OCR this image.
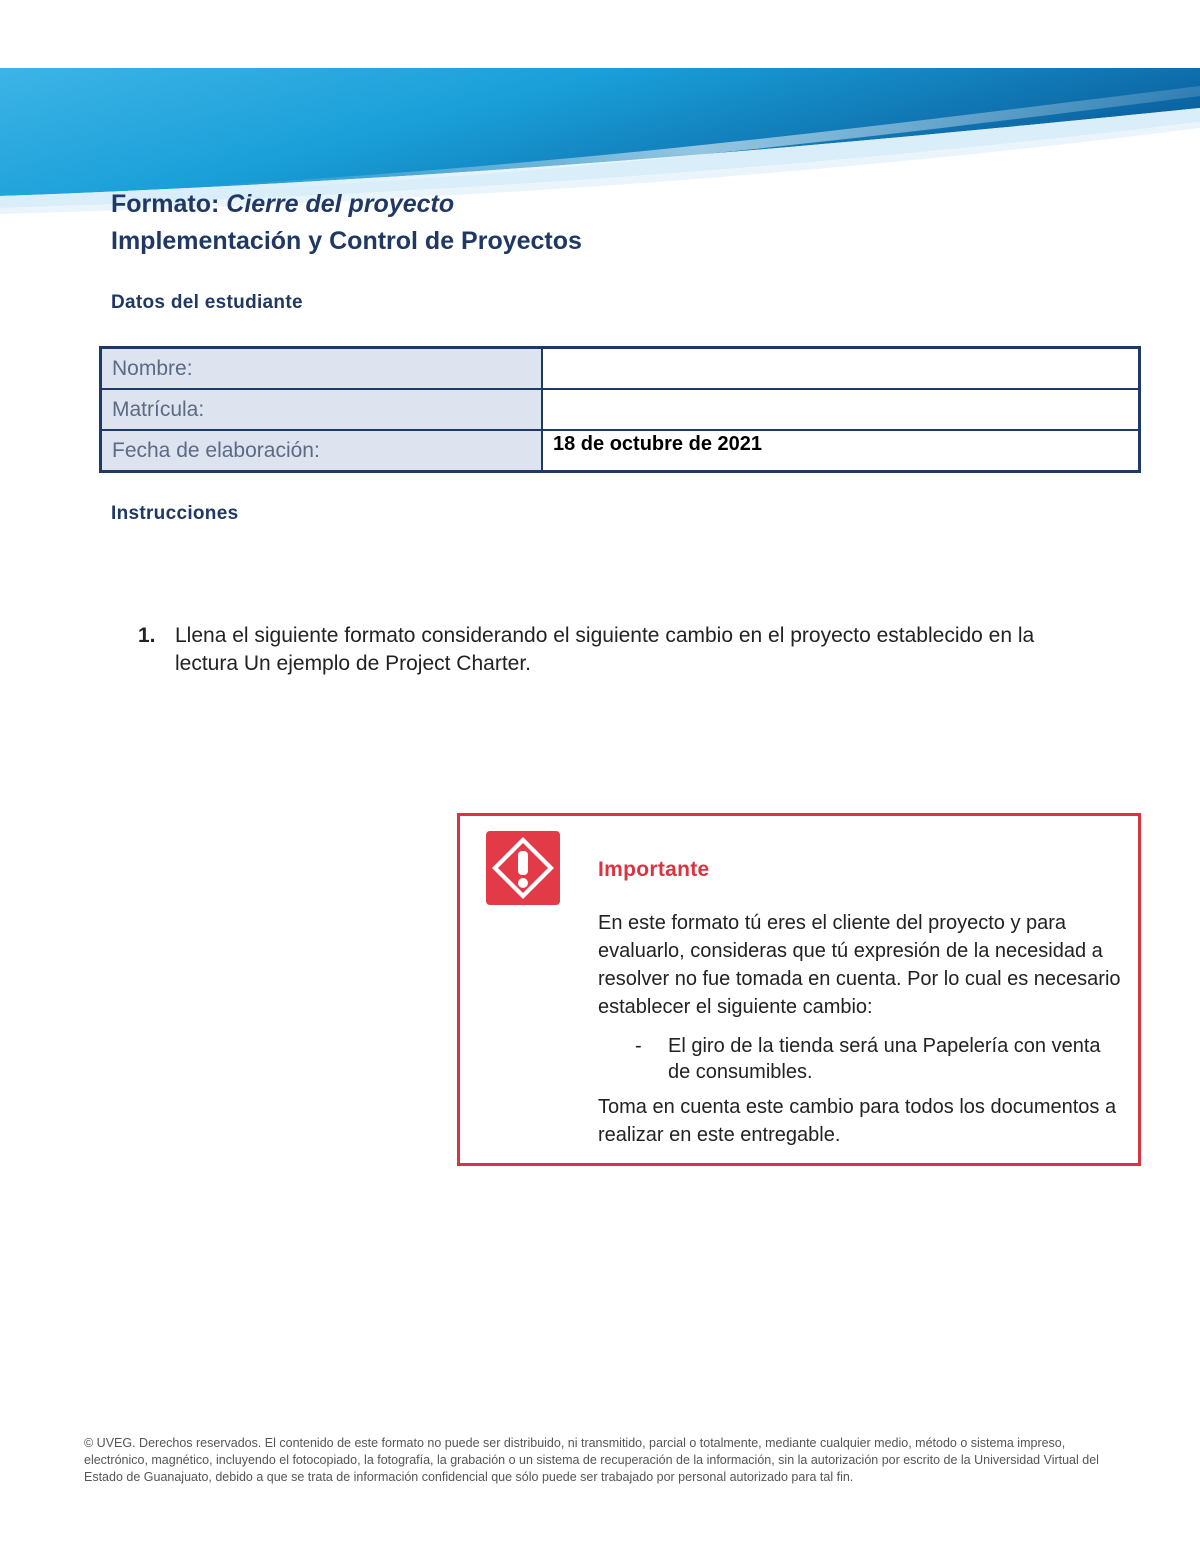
Formato: Cierre del proyecto
Implementación y Control de Proyectos
Datos del estudiante
Nombre:	
Matrícula:	
Fecha de elaboración:	18 de octubre de 2021
Instrucciones
1. Llena el siguiente formato considerando el siguiente cambio en el proyecto establecido en la lectura Un ejemplo de Project Charter.
Importante

En este formato tú eres el cliente del proyecto y para evaluarlo, consideras que tú expresión de la necesidad a resolver no fue tomada en cuenta. Por lo cual es necesario establecer el siguiente cambio:

- El giro de la tienda será una Papelería con venta de consumibles.

Toma en cuenta este cambio para todos los documentos a realizar en este entregable.

© UVEG. Derechos reservados. El contenido de este formato no puede ser distribuido, ni transmitido, parcial o totalmente, mediante cualquier medio, método o sistema impreso, electrónico, magnético, incluyendo el fotocopiado, la fotografía, la grabación o un sistema de recuperación de la información, sin la autorización por escrito de la Universidad Virtual del Estado de Guanajuato, debido a que se trata de información confidencial que sólo puede ser trabajado por personal autorizado para tal fin.
